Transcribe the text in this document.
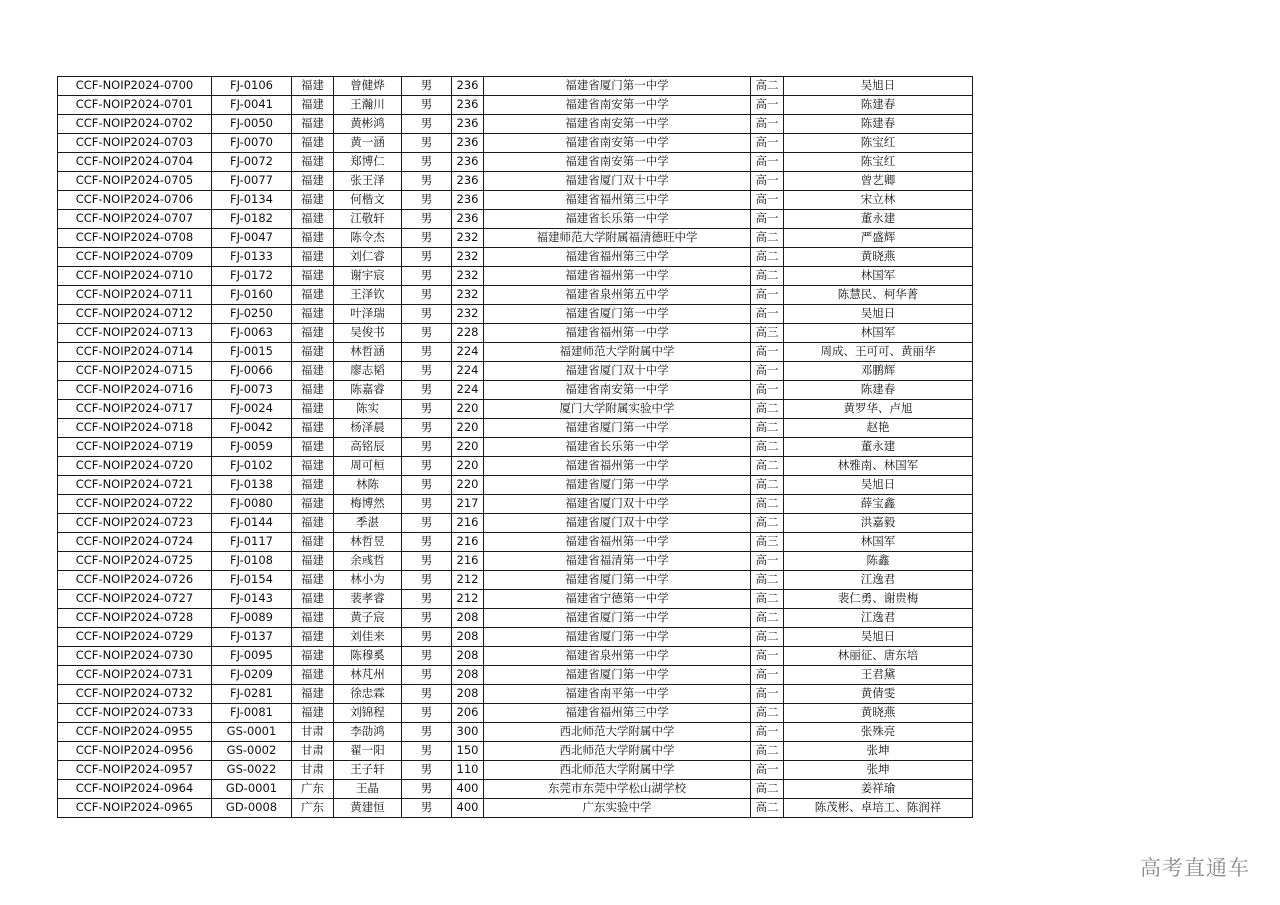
CCF-NOIP2024-0700	FJ-0106	福建	曾健烨	男	236	福建省厦门第一中学	高二	吴旭日
CCF-NOIP2024-0701	FJ-0041	福建	王瀚川	男	236	福建省南安第一中学	高一	陈建春
CCF-NOIP2024-0702	FJ-0050	福建	黄彬鸿	男	236	福建省南安第一中学	高一	陈建春
CCF-NOIP2024-0703	FJ-0070	福建	黄一涵	男	236	福建省南安第一中学	高一	陈宝红
CCF-NOIP2024-0704	FJ-0072	福建	郑博仁	男	236	福建省南安第一中学	高一	陈宝红
CCF-NOIP2024-0705	FJ-0077	福建	张王泽	男	236	福建省厦门双十中学	高一	曾艺卿
CCF-NOIP2024-0706	FJ-0134	福建	何楷文	男	236	福建省福州第三中学	高一	宋立林
CCF-NOIP2024-0707	FJ-0182	福建	江敬轩	男	236	福建省长乐第一中学	高一	董永建
CCF-NOIP2024-0708	FJ-0047	福建	陈令杰	男	232	福建师范大学附属福清德旺中学	高二	严盛辉
CCF-NOIP2024-0709	FJ-0133	福建	刘仁睿	男	232	福建省福州第三中学	高二	黄晓燕
CCF-NOIP2024-0710	FJ-0172	福建	谢宇宸	男	232	福建省福州第一中学	高二	林国军
CCF-NOIP2024-0711	FJ-0160	福建	王泽钦	男	232	福建省泉州第五中学	高一	陈慧民、柯华菁
CCF-NOIP2024-0712	FJ-0250	福建	叶泽瑞	男	232	福建省厦门第一中学	高一	吴旭日
CCF-NOIP2024-0713	FJ-0063	福建	吴俊书	男	228	福建省福州第一中学	高三	林国军
CCF-NOIP2024-0714	FJ-0015	福建	林哲涵	男	224	福建师范大学附属中学	高一	周成、王可可、黄丽华
CCF-NOIP2024-0715	FJ-0066	福建	廖志韬	男	224	福建省厦门双十中学	高一	邓鹏辉
CCF-NOIP2024-0716	FJ-0073	福建	陈嘉睿	男	224	福建省南安第一中学	高一	陈建春
CCF-NOIP2024-0717	FJ-0024	福建	陈实	男	220	厦门大学附属实验中学	高二	黄罗华、卢旭
CCF-NOIP2024-0718	FJ-0042	福建	杨泽晨	男	220	福建省厦门第一中学	高二	赵艳
CCF-NOIP2024-0719	FJ-0059	福建	高铭辰	男	220	福建省长乐第一中学	高二	董永建
CCF-NOIP2024-0720	FJ-0102	福建	周可桓	男	220	福建省福州第一中学	高二	林雅南、林国军
CCF-NOIP2024-0721	FJ-0138	福建	林陈	男	220	福建省厦门第一中学	高二	吴旭日
CCF-NOIP2024-0722	FJ-0080	福建	梅博然	男	217	福建省厦门双十中学	高二	薛宝鑫
CCF-NOIP2024-0723	FJ-0144	福建	季湛	男	216	福建省厦门双十中学	高二	洪嘉毅
CCF-NOIP2024-0724	FJ-0117	福建	林哲昱	男	216	福建省福州第一中学	高三	林国军
CCF-NOIP2024-0725	FJ-0108	福建	余彧哲	男	216	福建省福清第一中学	高一	陈鑫
CCF-NOIP2024-0726	FJ-0154	福建	林小为	男	212	福建省厦门第一中学	高二	江逸君
CCF-NOIP2024-0727	FJ-0143	福建	裴孝睿	男	212	福建省宁德第一中学	高二	裴仁勇、谢贵梅
CCF-NOIP2024-0728	FJ-0089	福建	黄子宸	男	208	福建省厦门第一中学	高二	江逸君
CCF-NOIP2024-0729	FJ-0137	福建	刘佳来	男	208	福建省厦门第一中学	高二	吴旭日
CCF-NOIP2024-0730	FJ-0095	福建	陈穆奚	男	208	福建省泉州第一中学	高一	林丽征、唐东培
CCF-NOIP2024-0731	FJ-0209	福建	林芃州	男	208	福建省厦门第一中学	高一	王君黛
CCF-NOIP2024-0732	FJ-0281	福建	徐忠霖	男	208	福建省南平第一中学	高一	黄倩雯
CCF-NOIP2024-0733	FJ-0081	福建	刘锦程	男	206	福建省福州第三中学	高二	黄晓燕
CCF-NOIP2024-0955	GS-0001	甘肃	李劭鸿	男	300	西北师范大学附属中学	高一	张殊亮
CCF-NOIP2024-0956	GS-0002	甘肃	翟一阳	男	150	西北师范大学附属中学	高二	张坤
CCF-NOIP2024-0957	GS-0022	甘肃	王子轩	男	110	西北师范大学附属中学	高一	张坤
CCF-NOIP2024-0964	GD-0001	广东	王晶	男	400	东莞市东莞中学松山湖学校	高二	姜祥瑜
CCF-NOIP2024-0965	GD-0008	广东	黄建恒	男	400	广东实验中学	高二	陈茂彬、卓培工、陈润祥
高考直通车
